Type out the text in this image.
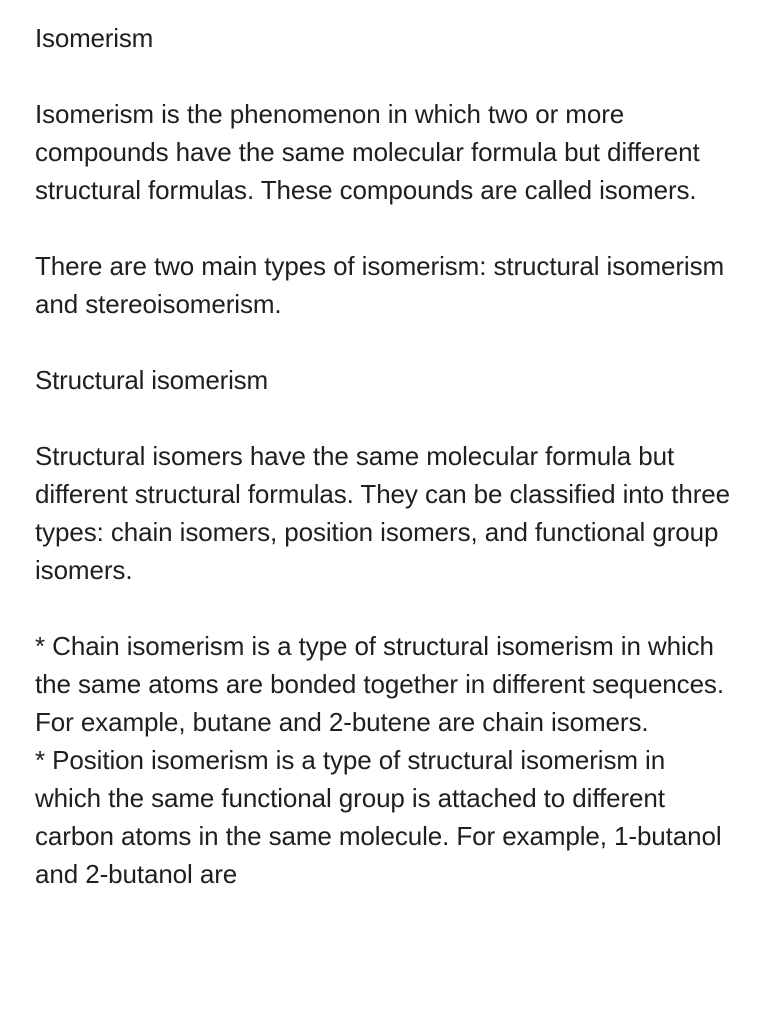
Isomerism

Isomerism is the phenomenon in which two or more compounds have the same molecular formula but different structural formulas. These compounds are called isomers.

There are two main types of isomerism: structural isomerism and stereoisomerism.

Structural isomerism

Structural isomers have the same molecular formula but different structural formulas. They can be classified into three types: chain isomers, position isomers, and functional group isomers.

* Chain isomerism is a type of structural isomerism in which the same atoms are bonded together in different sequences. For example, butane and 2-butene are chain isomers.

* Position isomerism is a type of structural isomerism in which the same functional group is attached to different carbon atoms in the same molecule. For example, 1-butanol and 2-butanol are
